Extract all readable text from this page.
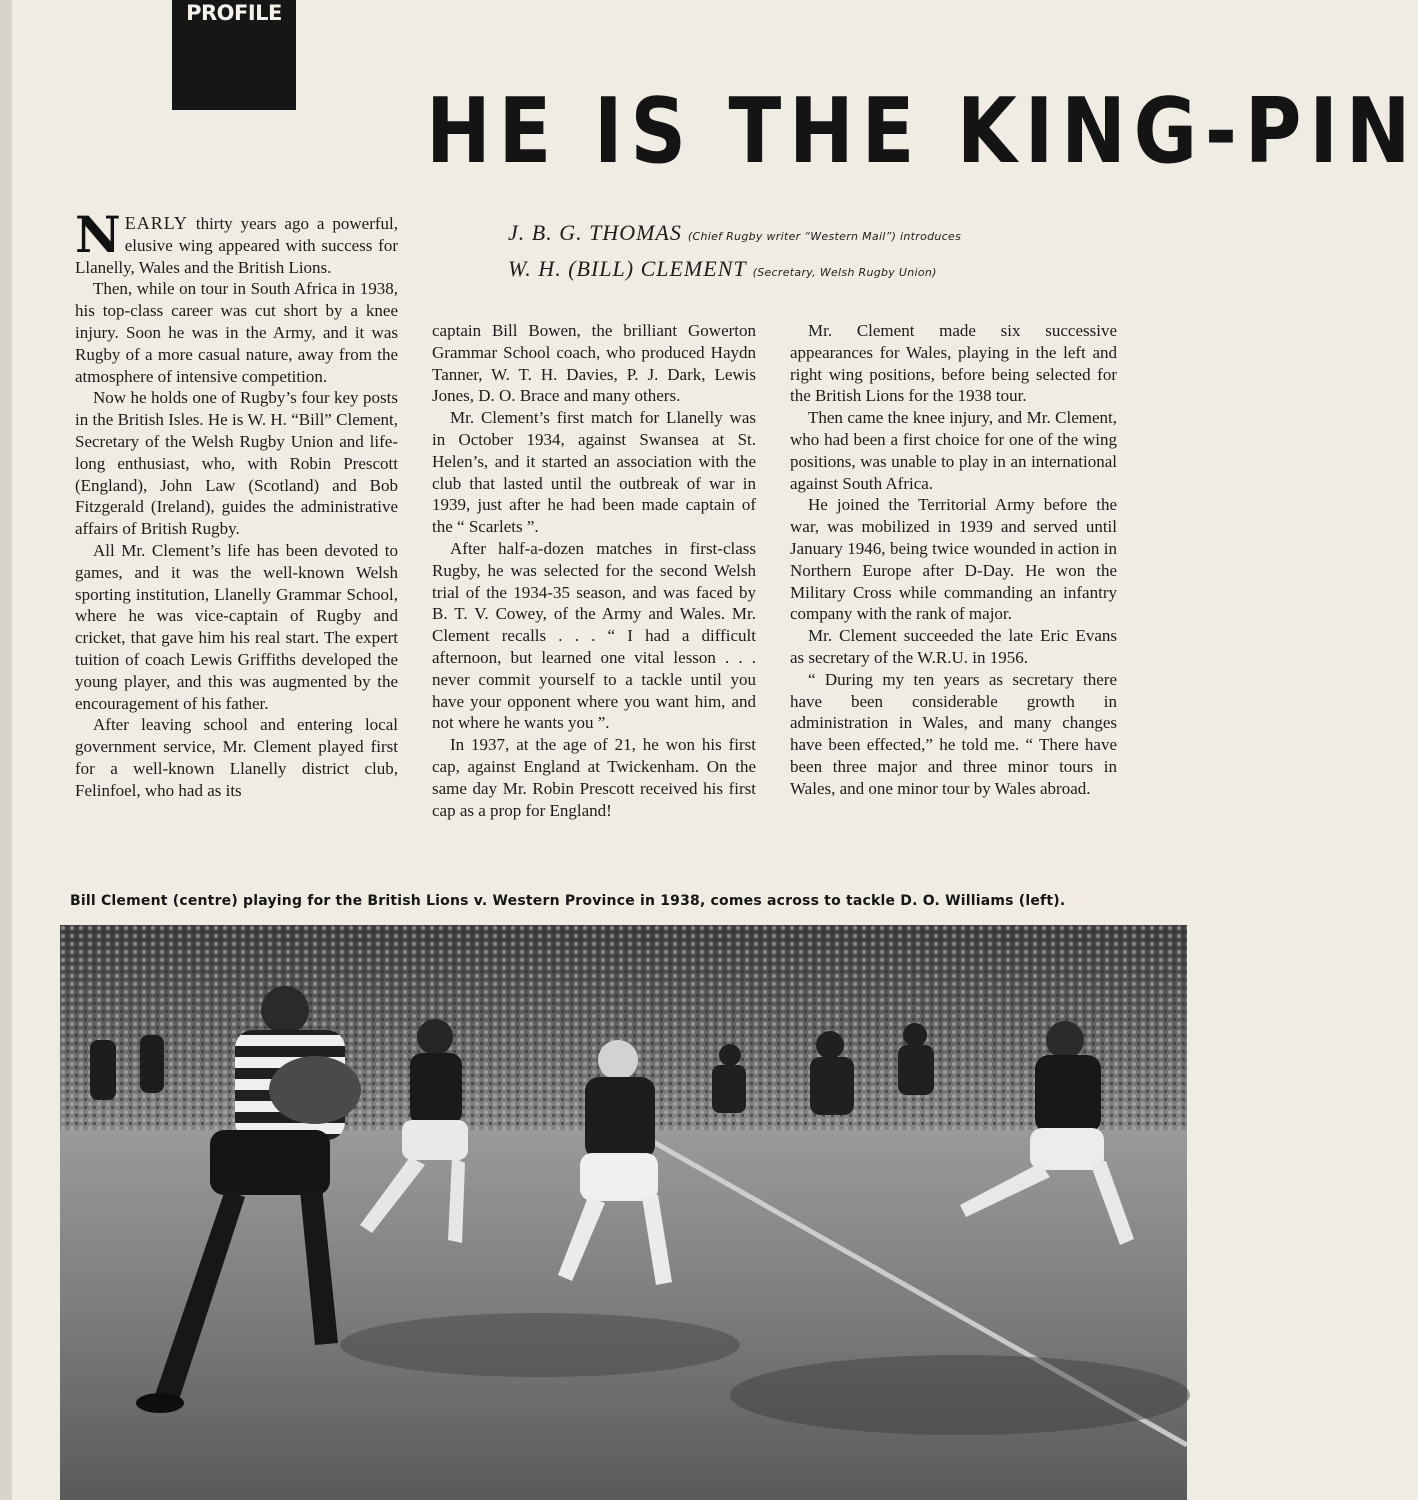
PROFILE
HE IS THE KING-PIN
J. B. G. THOMAS (Chief Rugby writer “Western Mail”) introduces
W. H. (BILL) CLEMENT (Secretary, Welsh Rugby Union)

NEARLY thirty years ago a powerful, elusive wing appeared with success for Llanelly, Wales and the British Lions.

Then, while on tour in South Africa in 1938, his top-class career was cut short by a knee injury. Soon he was in the Army, and it was Rugby of a more casual nature, away from the atmosphere of intensive competition.

Now he holds one of Rugby’s four key posts in the British Isles. He is W. H. “Bill” Clement, Secretary of the Welsh Rugby Union and life-long enthusiast, who, with Robin Prescott (England), John Law (Scotland) and Bob Fitzgerald (Ireland), guides the administrative affairs of British Rugby.

All Mr. Clement’s life has been devoted to games, and it was the well-known Welsh sporting institution, Llanelly Grammar School, where he was vice-captain of Rugby and cricket, that gave him his real start. The expert tuition of coach Lewis Griffiths developed the young player, and this was augmented by the encouragement of his father.

After leaving school and entering local government service, Mr. Clement played first for a well-known Llanelly district club, Felinfoel, who had as its

captain Bill Bowen, the brilliant Gowerton Grammar School coach, who produced Haydn Tanner, W. T. H. Davies, P. J. Dark, Lewis Jones, D. O. Brace and many others.

Mr. Clement’s first match for Llanelly was in October 1934, against Swansea at St. Helen’s, and it started an association with the club that lasted until the outbreak of war in 1939, just after he had been made captain of the “ Scarlets ”.

After half-a-dozen matches in first-class Rugby, he was selected for the second Welsh trial of the 1934-35 season, and was faced by B. T. V. Cowey, of the Army and Wales. Mr. Clement recalls . . . “ I had a difficult afternoon, but learned one vital lesson . . . never commit yourself to a tackle until you have your opponent where you want him, and not where he wants you ”.

In 1937, at the age of 21, he won his first cap, against England at Twickenham. On the same day Mr. Robin Prescott received his first cap as a prop for England!

Mr. Clement made six successive appearances for Wales, playing in the left and right wing positions, before being selected for the British Lions for the 1938 tour.

Then came the knee injury, and Mr. Clement, who had been a first choice for one of the wing positions, was unable to play in an international against South Africa.

He joined the Territorial Army before the war, was mobilized in 1939 and served until January 1946, being twice wounded in action in Northern Europe after D-Day. He won the Military Cross while commanding an infantry company with the rank of major.

Mr. Clement succeeded the late Eric Evans as secretary of the W.R.U. in 1956.

“ During my ten years as secretary there have been considerable growth in administration in Wales, and many changes have been effected,” he told me. “ There have been three major and three minor tours in Wales, and one minor tour by Wales abroad.

Bill Clement (centre) playing for the British Lions v. Western Province in 1938, comes across to tackle D. O. Williams (left).
